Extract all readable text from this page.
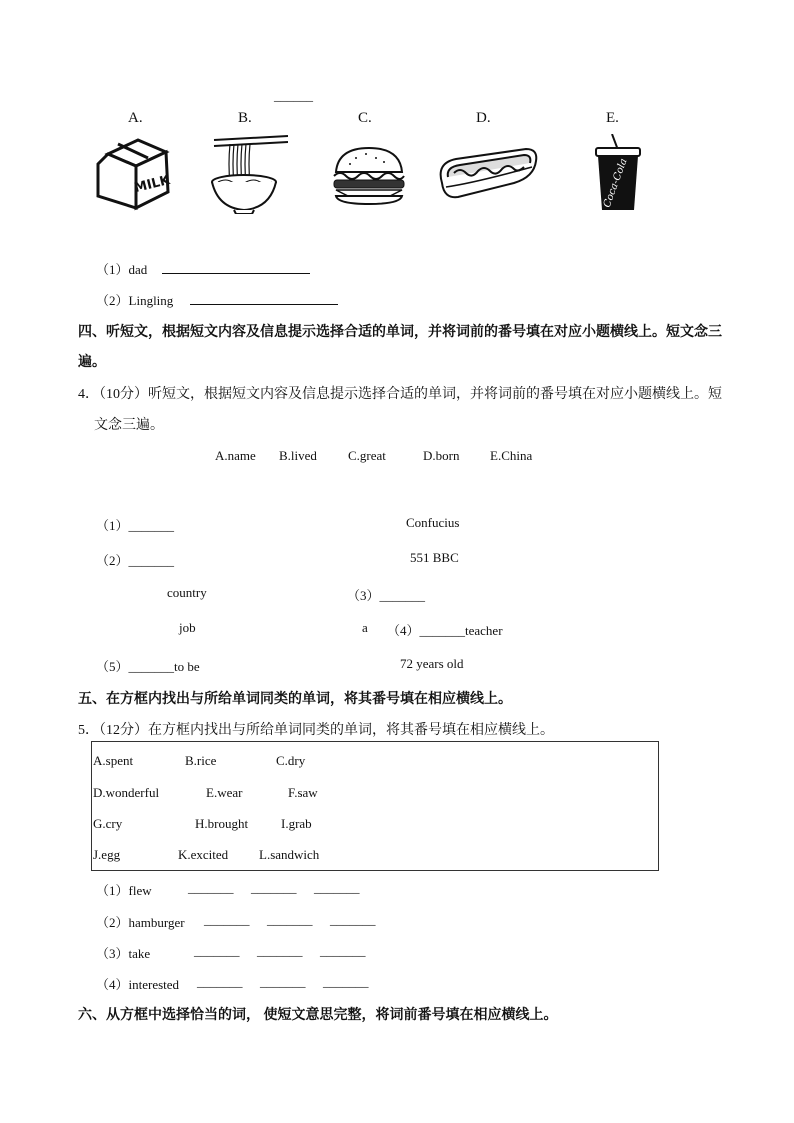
______
A.	B.	C.	D.	E.
MILK	Coca-Cola
（1）dad
（2）Lingling
四、听短文，根据短文内容及信息提示选择合适的单词，并将词前的番号填在对应小题横线上。短文念三
遍。
4．（10分）听短文，根据短文内容及信息提示选择合适的单词，并将词前的番号填在对应小题横线上。短
文念三遍。
A.name B.lived C.great	D.born E.China
（1）_______	Confucius
（2）_______	551 BBC
country	（3）_______
job	a （4）_______teacher
（5）_______to be	72 years old
五、在方框内找出与所给单词同类的单词，将其番号填在相应横线上。
5．（12分）在方框内找出与所给单词同类的单词，将其番号填在相应横线上。
A.spent	B.rice	C.dry
D.wonderful	E.wear	F.saw
G.cry	H.brought	I.grab
J.egg	K.excited L.sandwich
（1）flew	_______ _______ _______
（2）hamburger _______ _______ _______
（3）take	_______ _______ _______
（4）interested _______ _______ _______
六、从方框中选择恰当的词， 使短文意思完整，将词前番号填在相应横线上。
